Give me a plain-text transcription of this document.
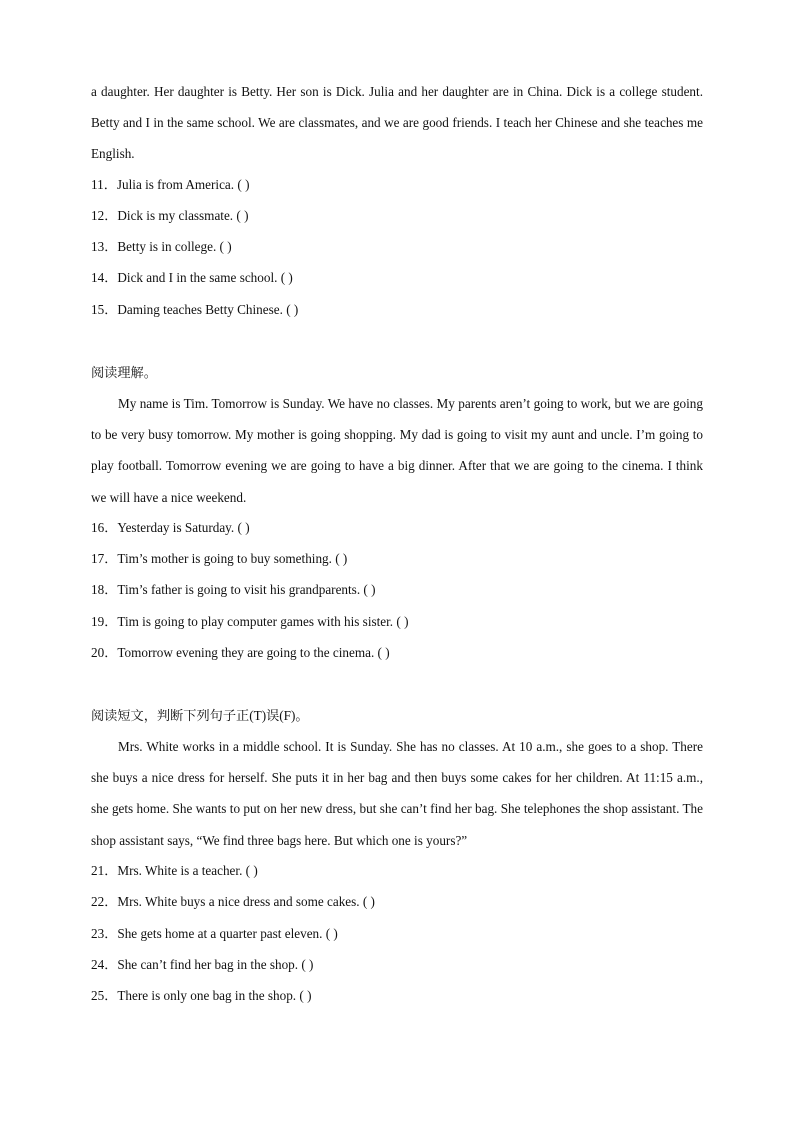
a daughter. Her daughter is Betty. Her son is Dick. Julia and her daughter are in China. Dick is a college student. Betty and I in the same school. We are classmates, and we are good friends. I teach her Chinese and she teaches me English.

11．Julia is from America. ( )

12．Dick is my classmate. ( )

13．Betty is in college. ( )

14．Dick and I in the same school. ( )

15．Daming teaches Betty Chinese. ( )

阅读理解。

My name is Tim. Tomorrow is Sunday. We have no classes. My parents aren’t going to work, but we are going to be very busy tomorrow. My mother is going shopping. My dad is going to visit my aunt and uncle. I’m going to play football. Tomorrow evening we are going to have a big dinner. After that we are going to the cinema. I think we will have a nice weekend.

16．Yesterday is Saturday. ( )

17．Tim’s mother is going to buy something. ( )

18．Tim’s father is going to visit his grandparents. ( )

19．Tim is going to play computer games with his sister. ( )

20．Tomorrow evening they are going to the cinema. ( )

阅读短文，判断下列句子正(T)误(F)。

Mrs. White works in a middle school. It is Sunday. She has no classes. At 10 a.m., she goes to a shop. There she buys a nice dress for herself. She puts it in her bag and then buys some cakes for her children. At 11:15 a.m., she gets home. She wants to put on her new dress, but she can’t find her bag. She telephones the shop assistant. The shop assistant says, “We find three bags here. But which one is yours?”

21．Mrs. White is a teacher. ( )

22．Mrs. White buys a nice dress and some cakes. ( )

23．She gets home at a quarter past eleven. ( )

24．She can’t find her bag in the shop. ( )

25．There is only one bag in the shop. ( )
